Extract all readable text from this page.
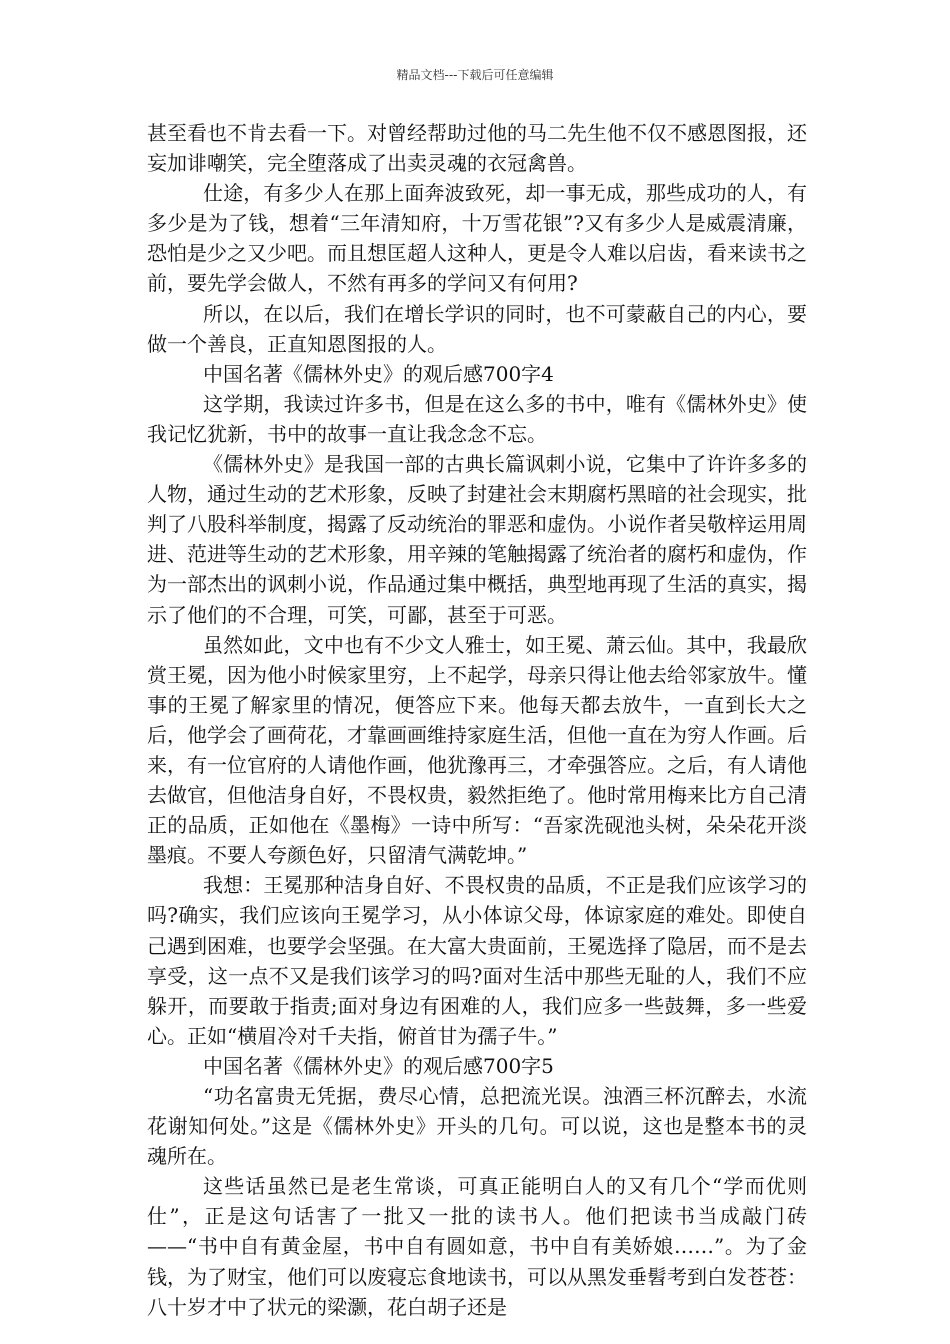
精品文档---下载后可任意编辑

甚至看也不肯去看一下。对曾经帮助过他的马二先生他不仅不感恩图报，还妄加诽嘲笑，完全堕落成了出卖灵魂的衣冠禽兽。

仕途，有多少人在那上面奔波致死，却一事无成，那些成功的人，有多少是为了钱，想着“三年清知府，十万雪花银”?又有多少人是威震清廉，恐怕是少之又少吧。而且想匡超人这种人，更是令人难以启齿，看来读书之前，要先学会做人，不然有再多的学问又有何用?

所以，在以后，我们在增长学识的同时，也不可蒙蔽自己的内心，要做一个善良，正直知恩图报的人。

中国名著《儒林外史》的观后感700字4

这学期，我读过许多书，但是在这么多的书中，唯有《儒林外史》使我记忆犹新，书中的故事一直让我念念不忘。

《儒林外史》是我国一部的古典长篇讽刺小说，它集中了许许多多的人物，通过生动的艺术形象，反映了封建社会末期腐朽黑暗的社会现实，批判了八股科举制度，揭露了反动统治的罪恶和虚伪。小说作者吴敬梓运用周进、范进等生动的艺术形象，用辛辣的笔触揭露了统治者的腐朽和虚伪，作为一部杰出的讽刺小说，作品通过集中概括，典型地再现了生活的真实，揭示了他们的不合理，可笑，可鄙，甚至于可恶。

虽然如此，文中也有不少文人雅士，如王冕、萧云仙。其中，我最欣赏王冕，因为他小时候家里穷，上不起学，母亲只得让他去给邻家放牛。懂事的王冕了解家里的情况，便答应下来。他每天都去放牛，一直到长大之后，他学会了画荷花，才靠画画维持家庭生活，但他一直在为穷人作画。后来，有一位官府的人请他作画，他犹豫再三，才牵强答应。之后，有人请他去做官，但他洁身自好，不畏权贵，毅然拒绝了。他时常用梅来比方自己清正的品质，正如他在《墨梅》一诗中所写：“吾家洗砚池头树，朵朵花开淡墨痕。不要人夸颜色好，只留清气满乾坤。”

我想：王冕那种洁身自好、不畏权贵的品质，不正是我们应该学习的吗?确实，我们应该向王冕学习，从小体谅父母，体谅家庭的难处。即使自己遇到困难，也要学会坚强。在大富大贵面前，王冕选择了隐居，而不是去享受，这一点不又是我们该学习的吗?面对生活中那些无耻的人，我们不应躲开，而要敢于指责;面对身边有困难的人，我们应多一些鼓舞，多一些爱心。正如“横眉冷对千夫指，俯首甘为孺子牛。”

中国名著《儒林外史》的观后感700字5

“功名富贵无凭据，费尽心情，总把流光误。浊酒三杯沉醉去，水流花谢知何处。”这是《儒林外史》开头的几句。可以说，这也是整本书的灵魂所在。

这些话虽然已是老生常谈，可真正能明白人的又有几个“学而优则仕”，正是这句话害了一批又一批的读书人。他们把读书当成敲门砖——“书中自有黄金屋，书中自有圆如意，书中自有美娇娘……”。为了金钱，为了财宝，他们可以废寝忘食地读书，可以从黑发垂髫考到白发苍苍：八十岁才中了状元的梁灏，花白胡子还是
